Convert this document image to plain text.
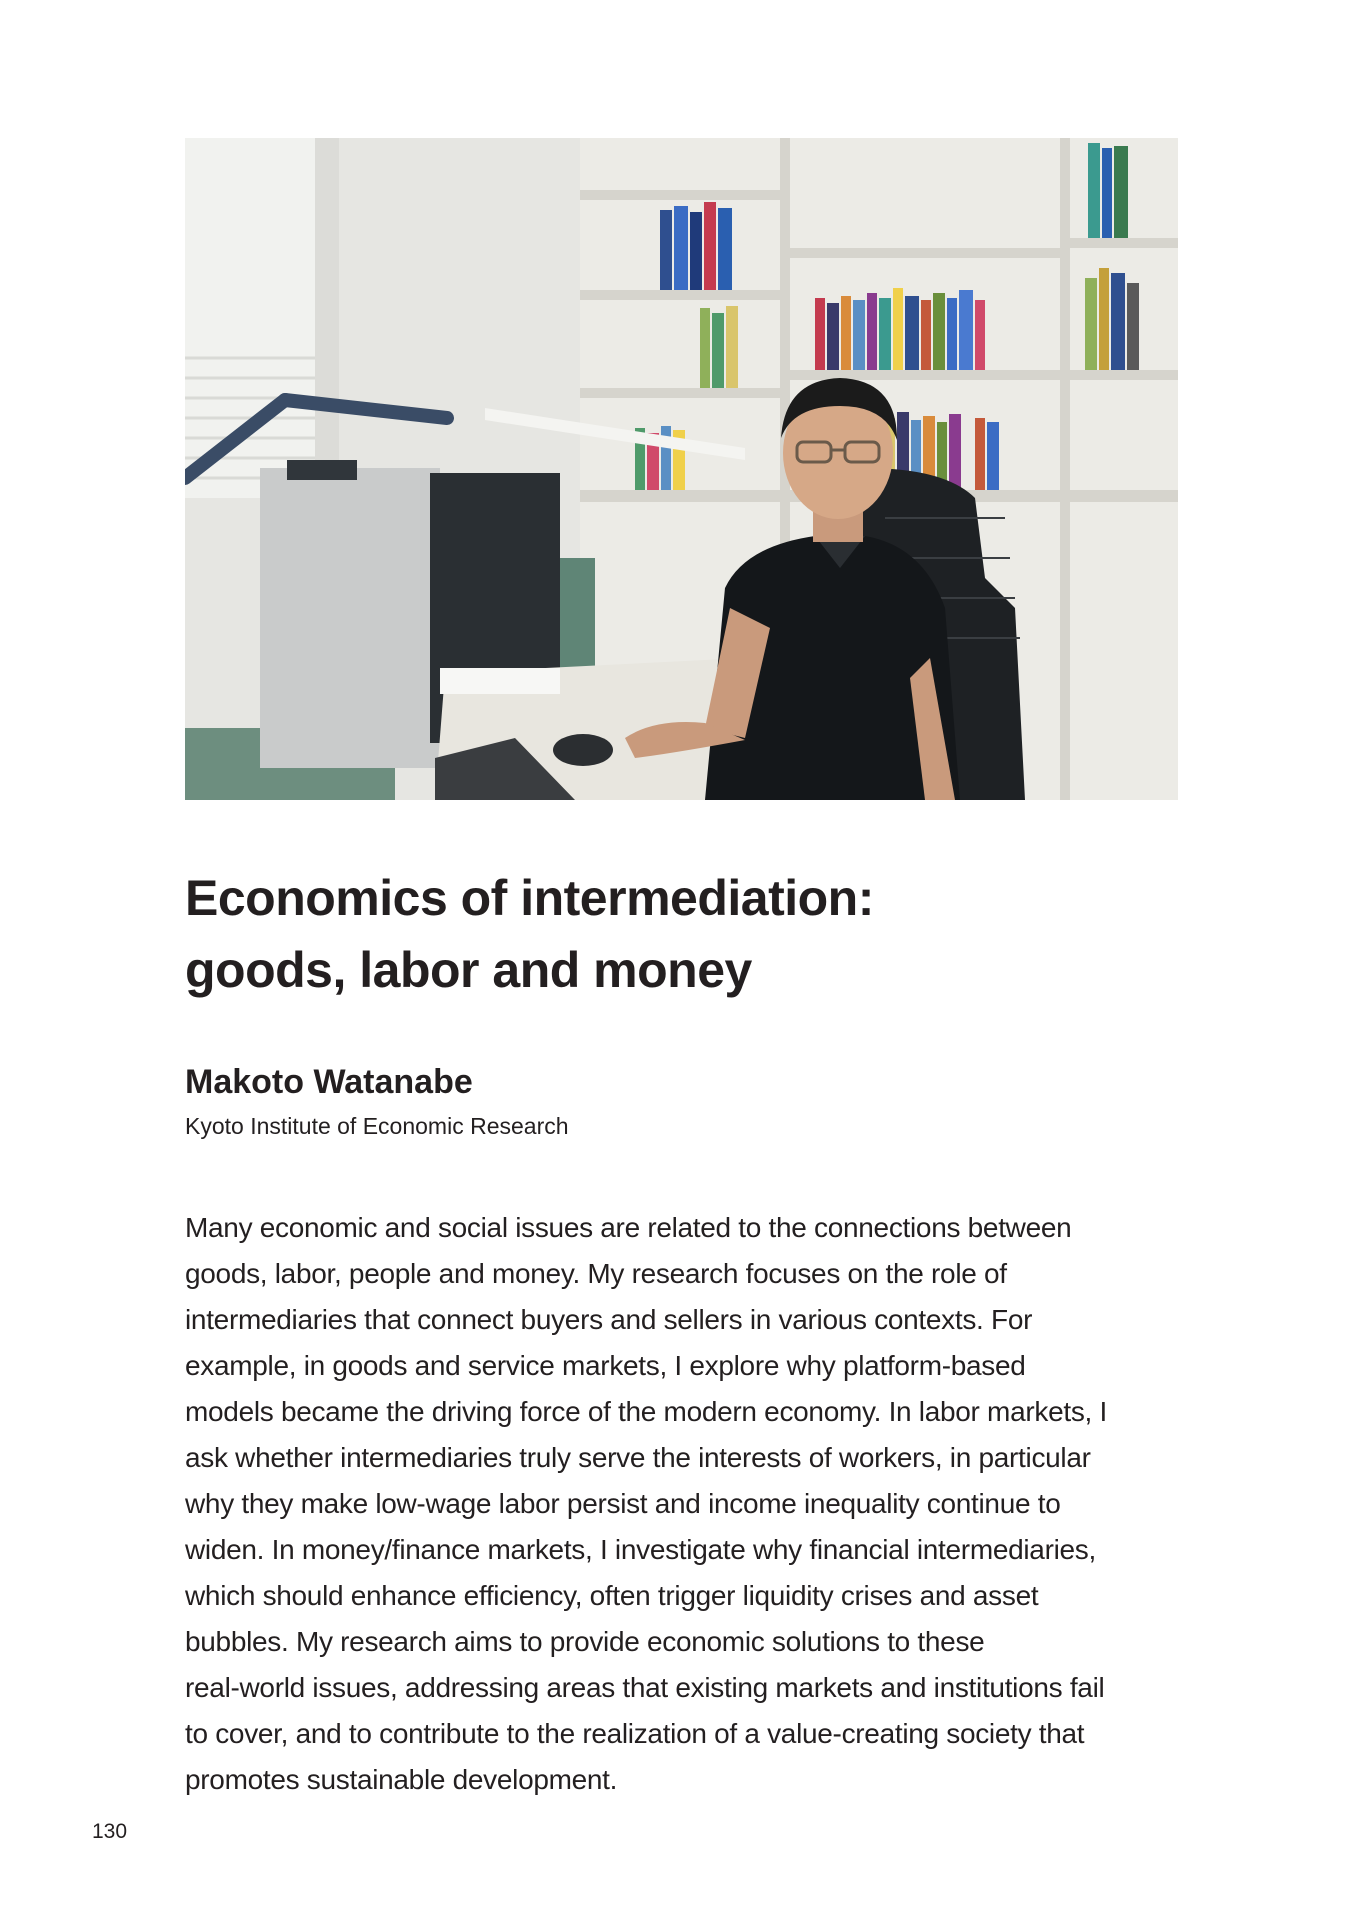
Economics of intermediation:
goods, labor and money

Makoto Watanabe

Kyoto Institute of Economic Research

Many economic and social issues are related to the connections between
goods, labor, people and money. My research focuses on the role of
intermediaries that connect buyers and sellers in various contexts. For
example, in goods and service markets, I explore why platform-based
models became the driving force of the modern economy. In labor markets, I
ask whether intermediaries truly serve the interests of workers, in particular
why they make low-wage labor persist and income inequality continue to
widen. In money/finance markets, I investigate why financial intermediaries,
which should enhance efficiency, often trigger liquidity crises and asset
bubbles. My research aims to provide economic solutions to these
real-world issues, addressing areas that existing markets and institutions fail
to cover, and to contribute to the realization of a value-creating society that
promotes sustainable development.

130
